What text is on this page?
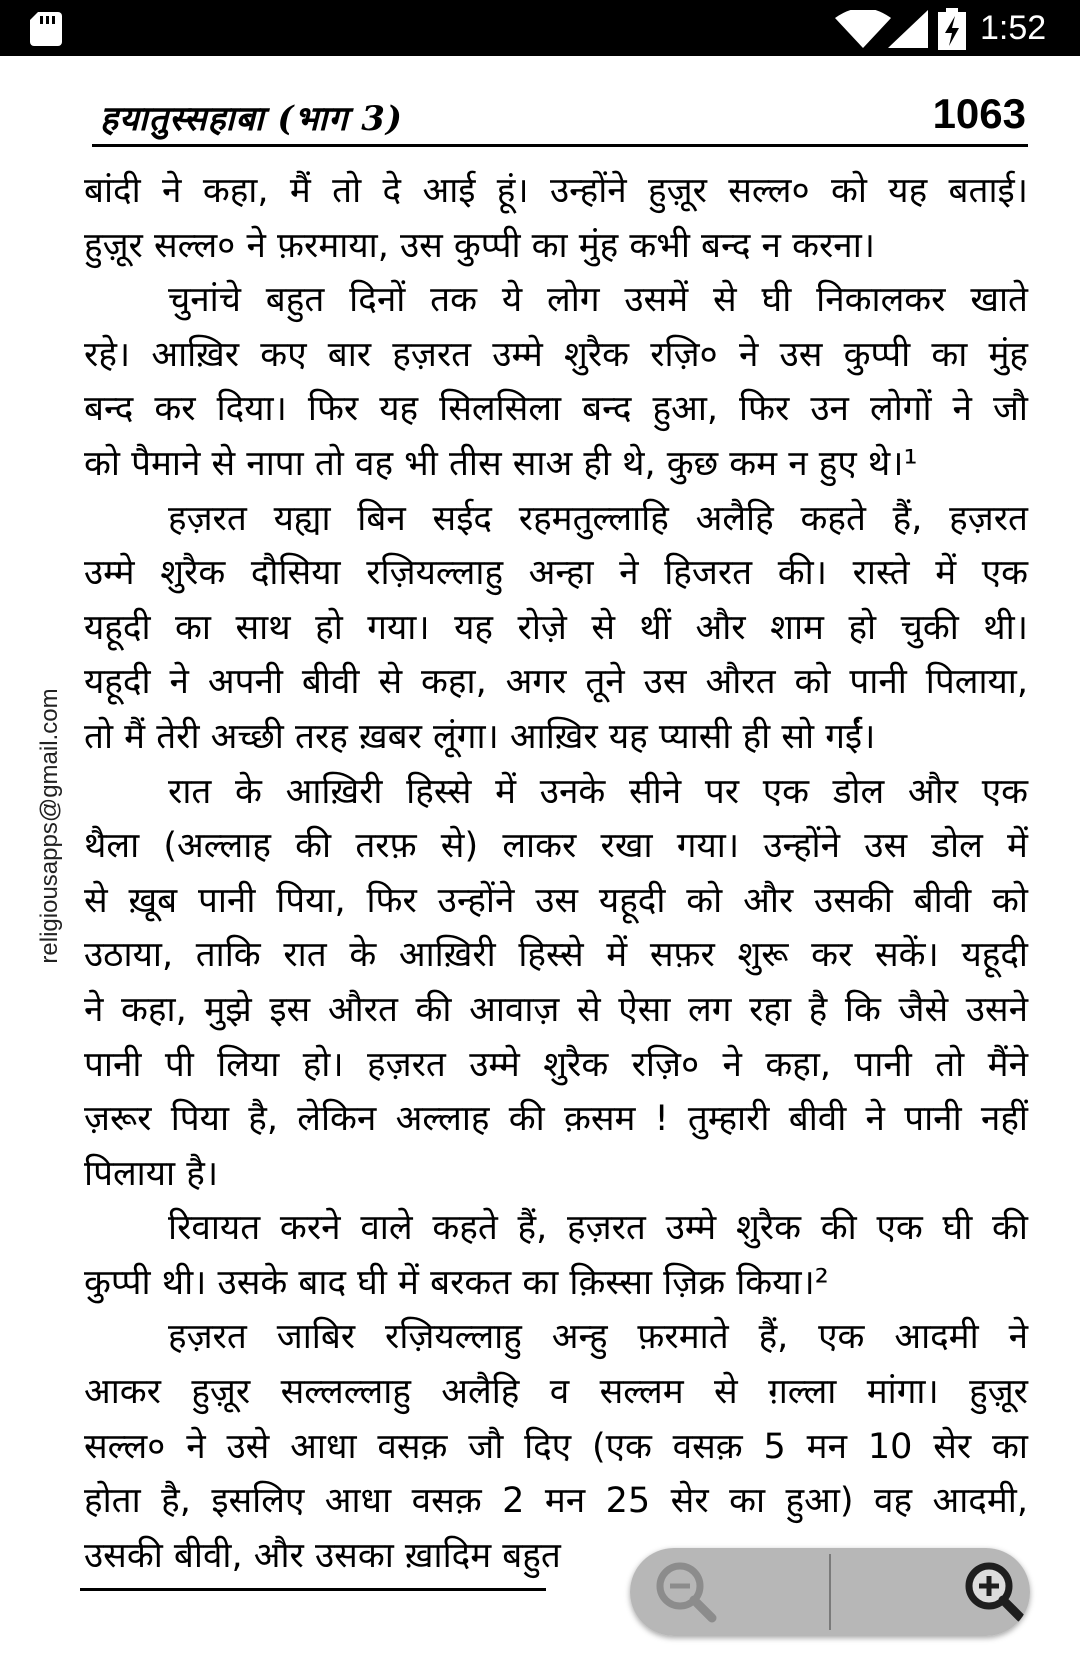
1:52
हयातुस्सहाबा (भाग 3)	1063
religiousapps@gmail.com
बांदी ने कहा, मैं तो दे आई हूं। उन्होंने हुज़ूर सल्ल० को यह बताई।
हुज़ूर सल्ल० ने फ़रमाया, उस कुप्पी का मुंह कभी बन्द न करना।
चुनांचे बहुत दिनों तक ये लोग उसमें से घी निकालकर खाते
रहे। आख़िर कए बार हज़रत उम्मे शुरैक रज़ि० ने उस कुप्पी का मुंह
बन्द कर दिया। फिर यह सिलसिला बन्द हुआ, फिर उन लोगों ने जौ
को पैमाने से नापा तो वह भी तीस साअ ही थे, कुछ कम न हुए थे।¹
हज़रत यह्या बिन सईद रहमतुल्लाहि अलैहि कहते हैं, हज़रत
उम्मे शुरैक दौसिया रज़ियल्लाहु अन्हा ने हिजरत की। रास्ते में एक
यहूदी का साथ हो गया। यह रोज़े से थीं और शाम हो चुकी थी।
यहूदी ने अपनी बीवी से कहा, अगर तूने उस औरत को पानी पिलाया,
तो मैं तेरी अच्छी तरह ख़बर लूंगा। आख़िर यह प्यासी ही सो गईं।
रात के आख़िरी हिस्से में उनके सीने पर एक डोल और एक
थैला (अल्लाह की तरफ़ से) लाकर रखा गया। उन्होंने उस डोल में
से ख़ूब पानी पिया, फिर उन्होंने उस यहूदी को और उसकी बीवी को
उठाया, ताकि रात के आख़िरी हिस्से में सफ़र शुरू कर सकें। यहूदी
ने कहा, मुझे इस औरत की आवाज़ से ऐसा लग रहा है कि जैसे उसने
पानी पी लिया हो। हज़रत उम्मे शुरैक रज़ि० ने कहा, पानी तो मैंने
ज़रूर पिया है, लेकिन अल्लाह की क़सम ! तुम्हारी बीवी ने पानी नहीं
पिलाया है।
रिवायत करने वाले कहते हैं, हज़रत उम्मे शुरैक की एक घी की
कुप्पी थी। उसके बाद घी में बरकत का क़िस्सा ज़िक्र किया।²
हज़रत जाबिर रज़ियल्लाहु अन्हु फ़रमाते हैं, एक आदमी ने
आकर हुज़ूर सल्लल्लाहु अलैहि व सल्लम से ग़ल्ला मांगा। हुज़ूर
सल्ल० ने उसे आधा वसक़ जौ दिए (एक वसक़ 5 मन 10 सेर का
होता है, इसलिए आधा वसक़ 2 मन 25 सेर का हुआ) वह आदमी,
उसकी बीवी, और उसका ख़ादिम बहुत
